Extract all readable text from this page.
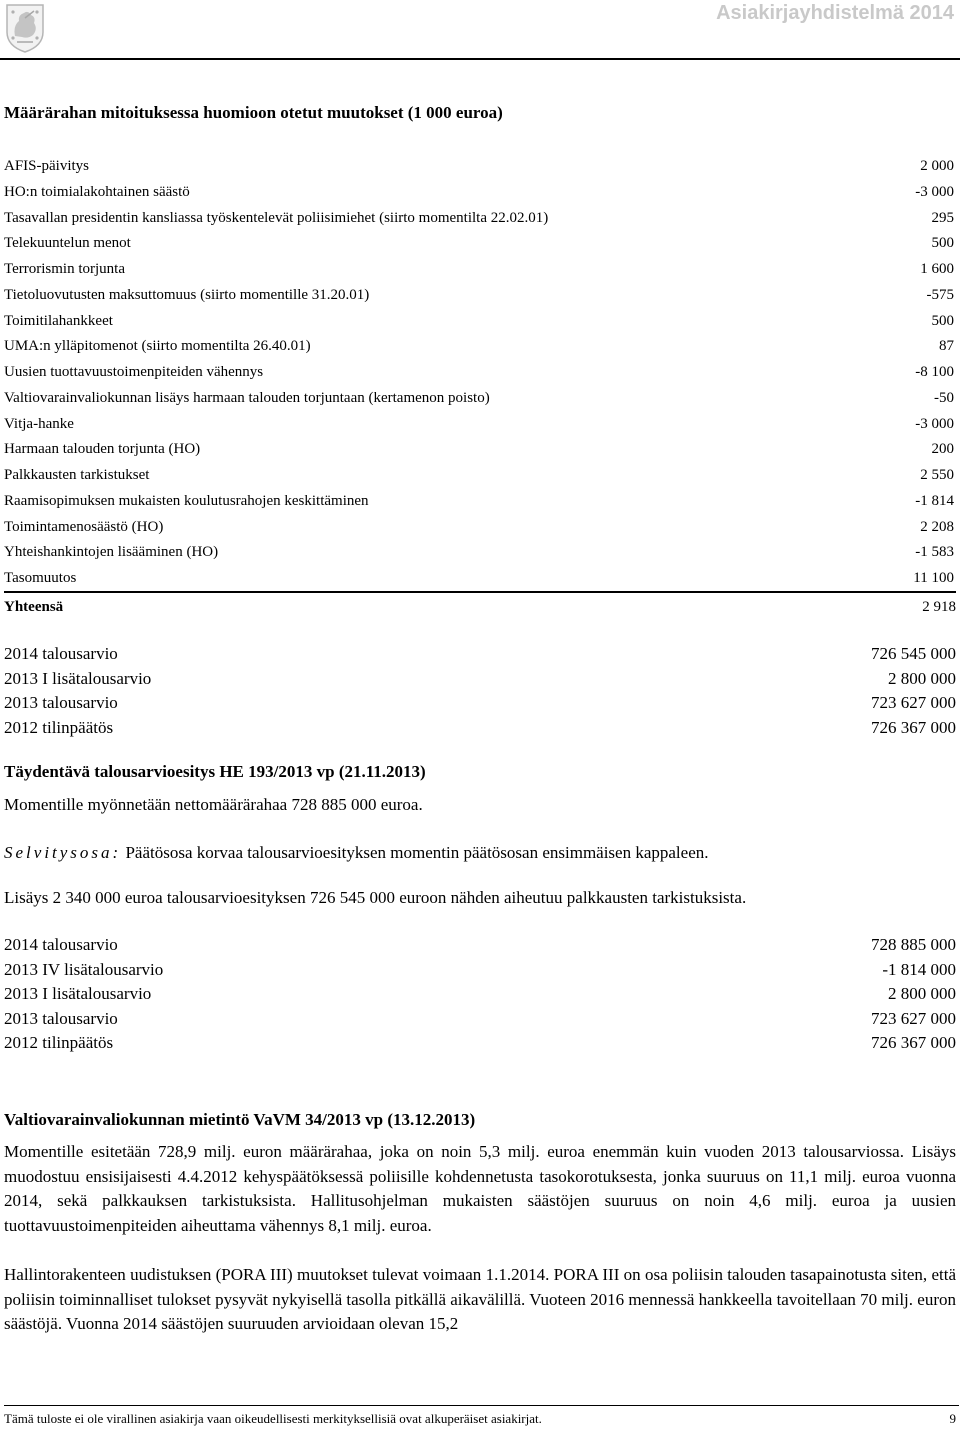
Asiakirjayhdistelmä 2014
Määrärahan mitoituksessa huomioon otetut muutokset (1 000 euroa)
AFIS-päivitys	2 000
HO:n toimialakohtainen säästö	-3 000
Tasavallan presidentin kansliassa työskentelevät poliisimiehet (siirto momentilta 22.02.01)	295
Telekuuntelun menot	500
Terrorismin torjunta	1 600
Tietoluovutusten maksuttomuus (siirto momentille 31.20.01)	-575
Toimitilahankkeet	500
UMA:n ylläpitomenot (siirto momentilta 26.40.01)	87
Uusien tuottavuustoimenpiteiden vähennys	-8 100
Valtiovarainvaliokunnan lisäys harmaan talouden torjuntaan (kertamenon poisto)	-50
Vitja-hanke	-3 000
Harmaan talouden torjunta (HO)	200
Palkkausten tarkistukset	2 550
Raamisopimuksen mukaisten koulutusrahojen keskittäminen	-1 814
Toimintamenosäästö (HO)	2 208
Yhteishankintojen lisääminen (HO)	-1 583
Tasomuutos	11 100
Yhteensä	2 918
2014 talousarvio	726 545 000
2013 I lisätalousarvio	2 800 000
2013 talousarvio	723 627 000
2012 tilinpäätös	726 367 000
Täydentävä talousarvioesitys HE 193/2013 vp (21.11.2013)
Momentille myönnetään nettomäärärahaa 728 885 000 euroa.
Selvitysosa: Päätösosa korvaa talousarvioesityksen momentin päätösosan ensimmäisen kappaleen.
Lisäys 2 340 000 euroa talousarvioesityksen 726 545 000 euroon nähden aiheutuu palkkausten tarkistuksista.
2014 talousarvio	728 885 000
2013 IV lisätalousarvio	-1 814 000
2013 I lisätalousarvio	2 800 000
2013 talousarvio	723 627 000
2012 tilinpäätös	726 367 000
Valtiovarainvaliokunnan mietintö VaVM 34/2013 vp (13.12.2013)
Momentille esitetään 728,9 milj. euron määrärahaa, joka on noin 5,3 milj. euroa enemmän kuin vuoden 2013 talousarviossa. Lisäys muodostuu ensisijaisesti 4.4.2012 kehyspäätöksessä poliisille kohdennetusta tasokorotuksesta, jonka suuruus on 11,1 milj. euroa vuonna 2014, sekä palkkauksen tarkistuksista. Hallitusohjelman mukaisten säästöjen suuruus on noin 4,6 milj. euroa ja uusien tuottavuustoimenpiteiden aiheuttama vähennys 8,1 milj. euroa.
Hallintorakenteen uudistuksen (PORA III) muutokset tulevat voimaan 1.1.2014. PORA III on osa poliisin talouden tasapainotusta siten, että poliisin toiminnalliset tulokset pysyvät nykyisellä tasolla pitkällä aikavälillä. Vuoteen 2016 mennessä hankkeella tavoitellaan 70 milj. euron säästöjä. Vuonna 2014 säästöjen suuruuden arvioidaan olevan 15,2
Tämä tuloste ei ole virallinen asiakirja vaan oikeudellisesti merkityksellisiä ovat alkuperäiset asiakirjat.	9
